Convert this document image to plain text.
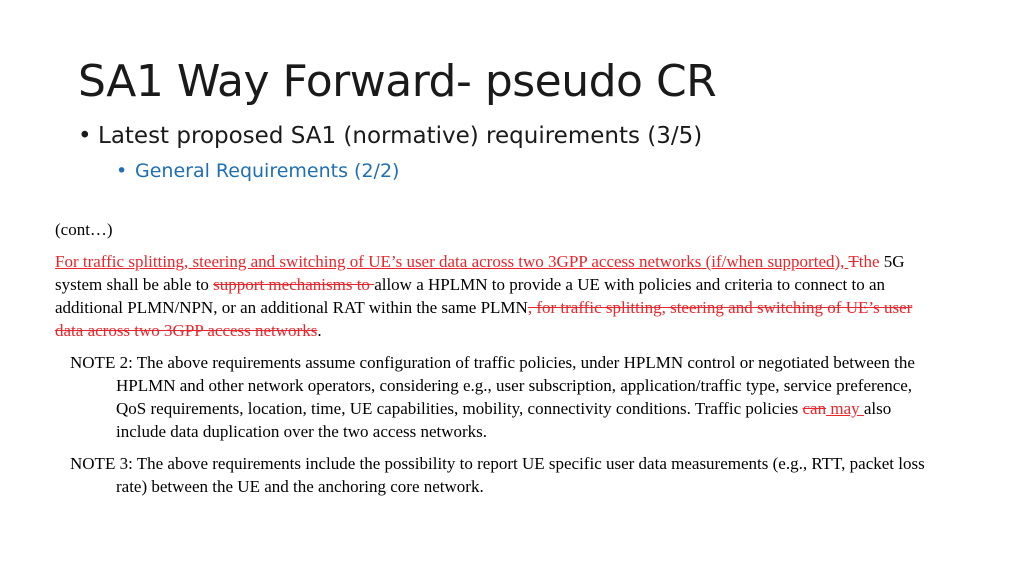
SA1 Way Forward- pseudo CR
• Latest proposed SA1 (normative) requirements (3/5)
• General Requirements (2/2)

(cont…)

For traffic splitting, steering and switching of UE’s user data across two 3GPP access networks (if/when supported), Tthe 5G system shall be able to support mechanisms to allow a HPLMN to provide a UE with policies and criteria to connect to an additional PLMN/NPN, or an additional RAT within the same PLMN, for traffic splitting, steering and switching of UE’s user data across two 3GPP access networks.

NOTE 2: The above requirements assume configuration of traffic policies, under HPLMN control or negotiated between the HPLMN and other network operators, considering e.g., user subscription, application/traffic type, service preference, QoS requirements, location, time, UE capabilities, mobility, connectivity conditions. Traffic policies can may also include data duplication over the two access networks.

NOTE 3: The above requirements include the possibility to report UE specific user data measurements (e.g., RTT, packet loss rate) between the UE and the anchoring core network.
